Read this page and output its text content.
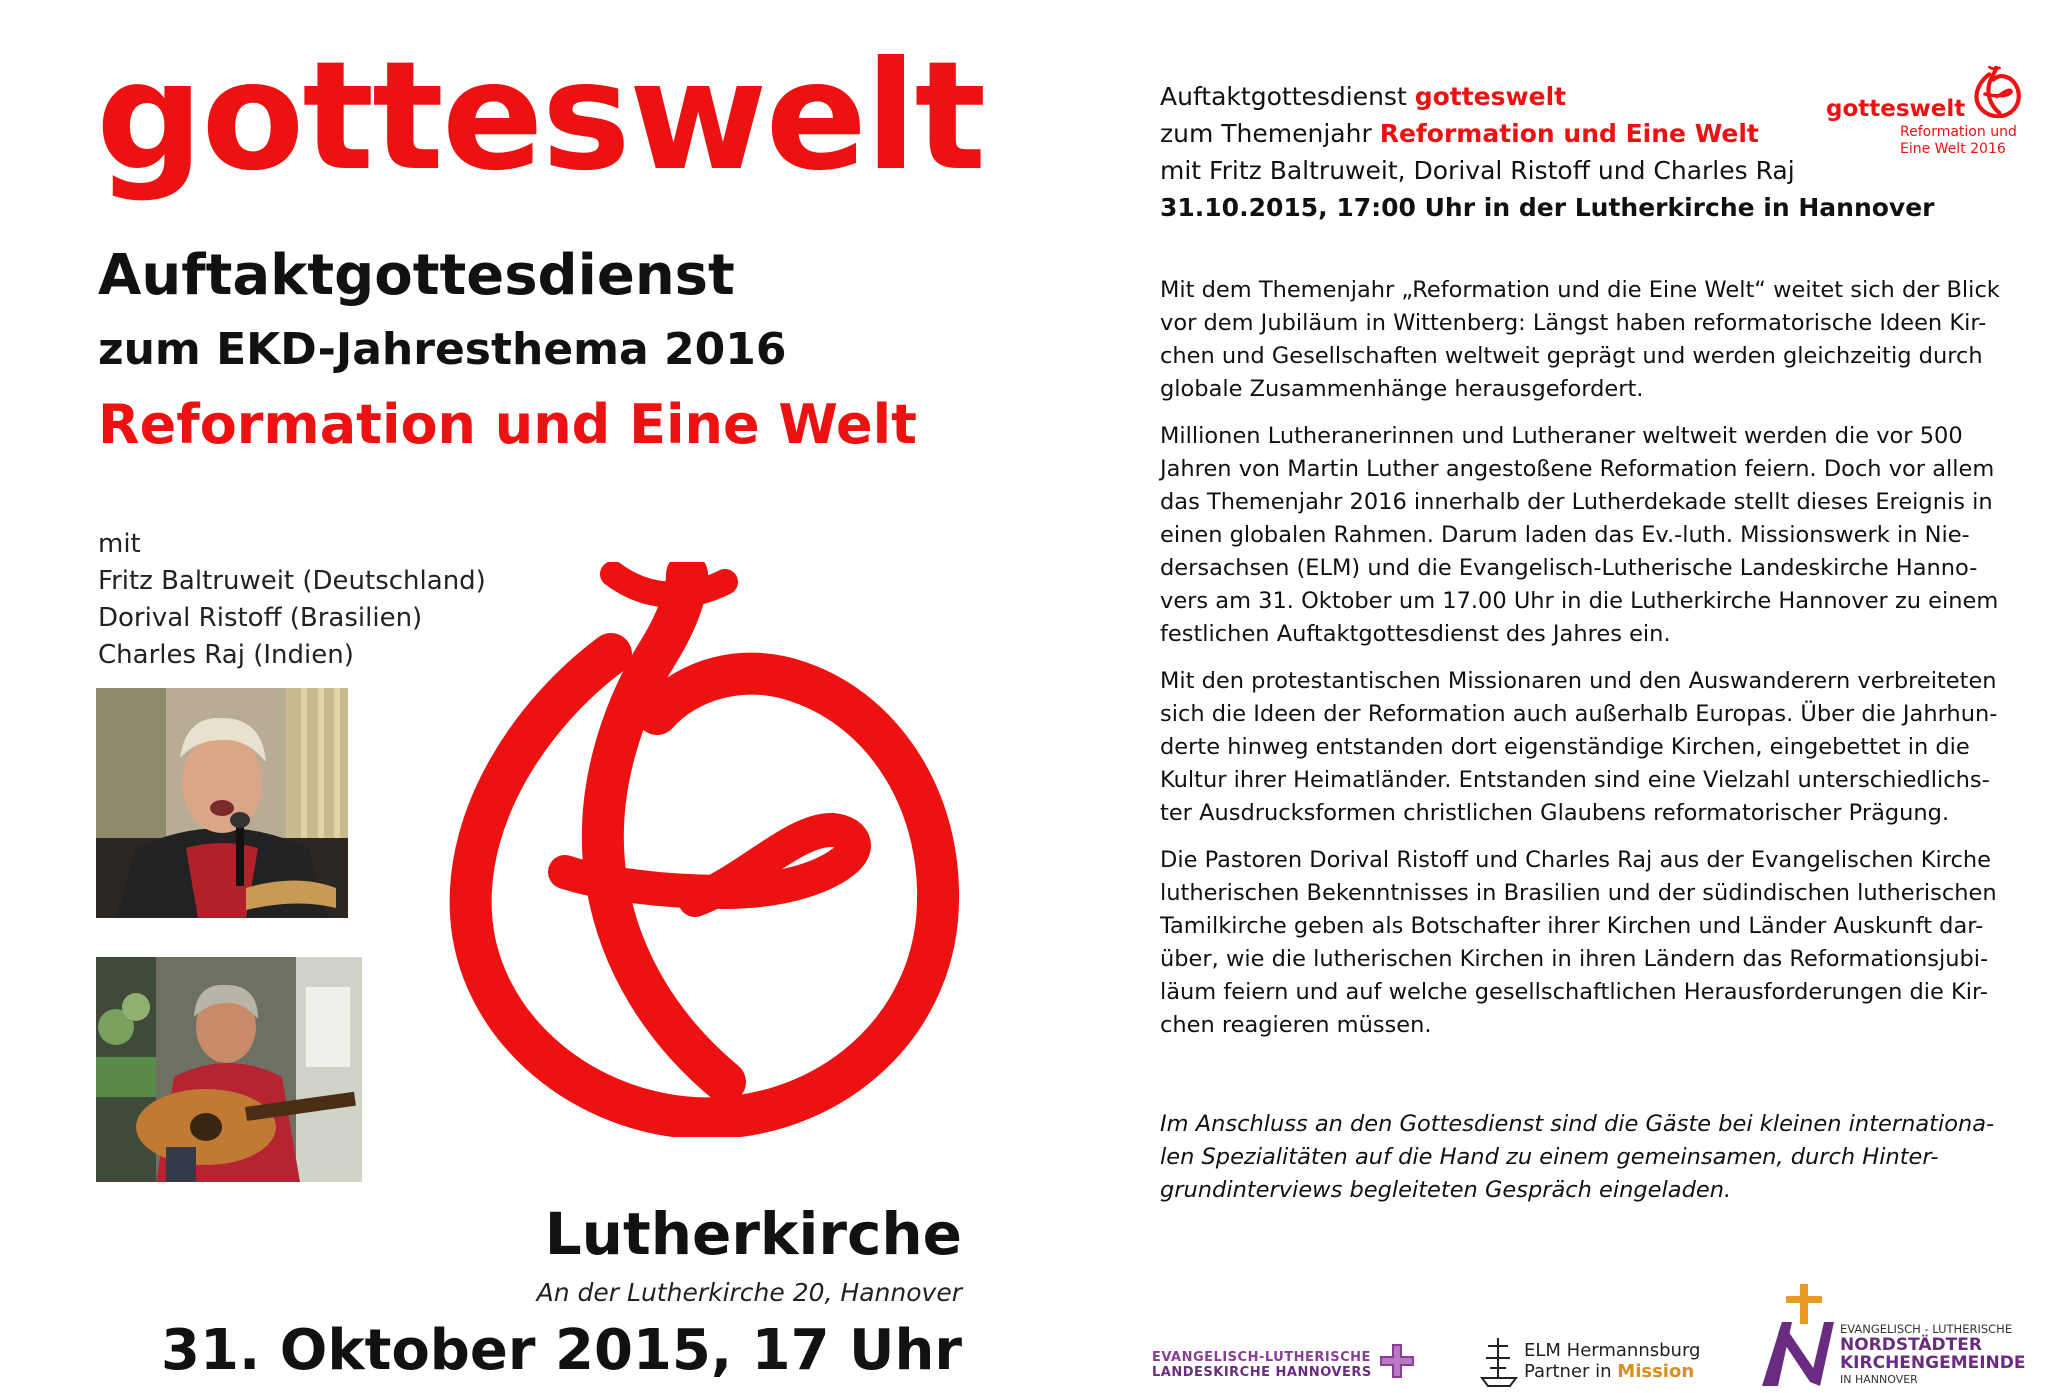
gotteswelt
Auftaktgottesdienst
zum EKD-Jahresthema 2016
Reformation und Eine Welt
mit
Fritz Baltruweit (Deutschland)
Dorival Ristoff (Brasilien)
Charles Raj (Indien)
Lutherkirche
An der Lutherkirche 20, Hannover
31. Oktober 2015, 17 Uhr
Auftaktgottesdienst gotteswelt
zum Themenjahr Reformation und Eine Welt
mit Fritz Baltruweit, Dorival Ristoff und Charles Raj
31.10.2015, 17:00 Uhr in der Lutherkirche in Hannover
gotteswelt
Reformation und
Eine Welt 2016

Mit dem Themenjahr „Reformation und die Eine Welt“ weitet sich der Blick
vor dem Jubiläum in Wittenberg: Längst haben reformatorische Ideen Kir-
chen und Gesellschaften weltweit geprägt und werden gleichzeitig durch
globale Zusammenhänge herausgefordert.

Millionen Lutheranerinnen und Lutheraner weltweit werden die vor 500
Jahren von Martin Luther angestoßene Reformation feiern. Doch vor allem
das Themenjahr 2016 innerhalb der Lutherdekade stellt dieses Ereignis in
einen globalen Rahmen. Darum laden das Ev.-luth. Missionswerk in Nie-
dersachsen (ELM) und die Evangelisch-Lutherische Landeskirche Hanno-
vers am 31. Oktober um 17.00 Uhr in die Lutherkirche Hannover zu einem
festlichen Auftaktgottesdienst des Jahres ein.

Mit den protestantischen Missionaren und den Auswanderern verbreiteten
sich die Ideen der Reformation auch außerhalb Europas. Über die Jahrhun-
derte hinweg entstanden dort eigenständige Kirchen, eingebettet in die
Kultur ihrer Heimatländer. Entstanden sind eine Vielzahl unterschiedlichs-
ter Ausdrucksformen christlichen Glaubens reformatorischer Prägung.

Die Pastoren Dorival Ristoff und Charles Raj aus der Evangelischen Kirche
lutherischen Bekenntnisses in Brasilien und der südindischen lutherischen
Tamilkirche geben als Botschafter ihrer Kirchen und Länder Auskunft dar-
über, wie die lutherischen Kirchen in ihren Ländern das Reformationsjubi-
läum feiern und auf welche gesellschaftlichen Herausforderungen die Kir-
chen reagieren müssen.

Im Anschluss an den Gottesdienst sind die Gäste bei kleinen internationa-
len Spezialitäten auf die Hand zu einem gemeinsamen, durch Hinter-
grundinterviews begleiteten Gespräch eingeladen.
EVANGELISCH-LUTHERISCHE
LANDESKIRCHE HANNOVERS
ELM Hermannsburg
Partner in Mission
EVANGELISCH - LUTHERISCHE
NORDSTÄDTER
KIRCHENGEMEINDE
IN HANNOVER
